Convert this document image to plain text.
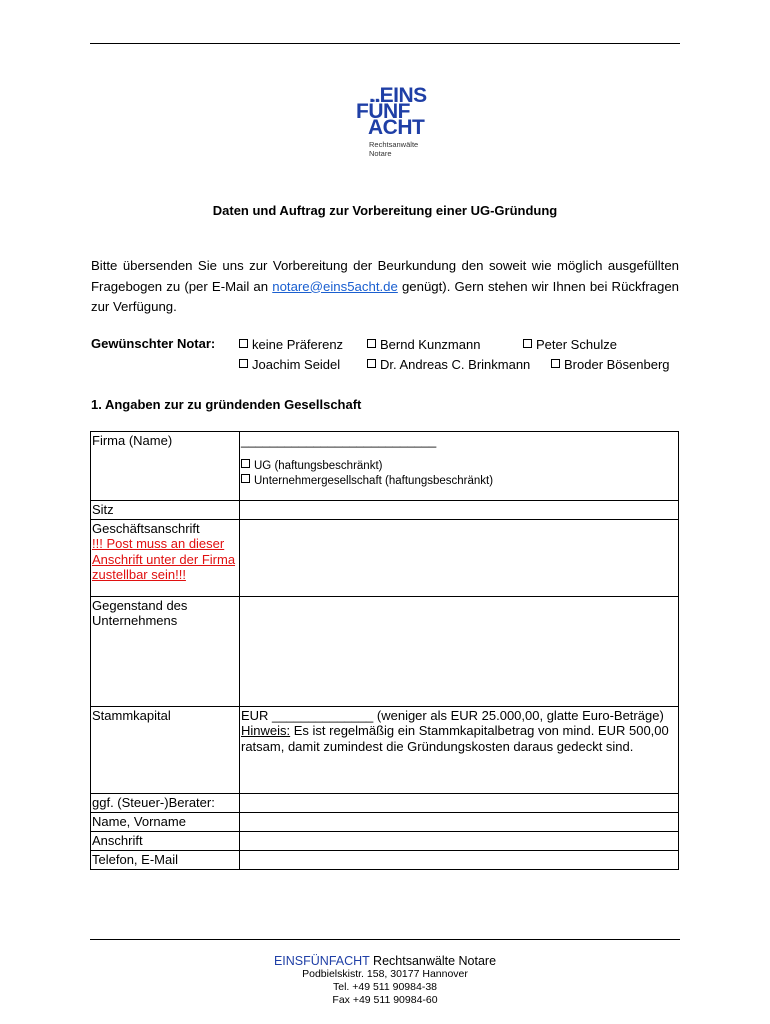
..EINS
FÜNF
ACHT
Rechtsanwälte
Notare
Daten und Auftrag zur Vorbereitung einer UG-Gründung
Bitte übersenden Sie uns zur Vorbereitung der Beurkundung den soweit wie möglich ausgefüllten Fragebogen zu (per E-Mail an notare@eins5acht.de genügt). Gern stehen wir Ihnen bei Rückfragen zur Verfügung.
Gewünschter Notar:	keine Präferenz	Bernd Kunzmann	Peter Schulze
Joachim Seidel	Dr. Andreas C. Brinkmann	Broder Bösenberg
1. Angaben zur zu gründenden Gesellschaft
Firma (Name)	___________________________
UG (haftungsbeschränkt)
Unternehmergesellschaft (haftungsbeschränkt)

Sitz	

Geschäftsanschrift
!!! Post muss an dieser Anschrift unter der Firma zustellbar sein!!!	

Gegenstand des Unternehmens	
Stammkapital	EUR ______________ (weniger als EUR 25.000,00, glatte Euro-Beträge)
Hinweis: Es ist regelmäßig ein Stammkapitalbetrag von mind. EUR 500,00 ratsam, damit zumindest die Gründungskosten daraus gedeckt sind.

ggf. (Steuer-)Berater:	
Name, Vorname	
Anschrift	
Telefon, E-Mail	
EINSFÜNFACHT Rechtsanwälte Notare
Podbielskistr. 158, 30177 Hannover
Tel. +49 511 90984-38
Fax +49 511 90984-60
